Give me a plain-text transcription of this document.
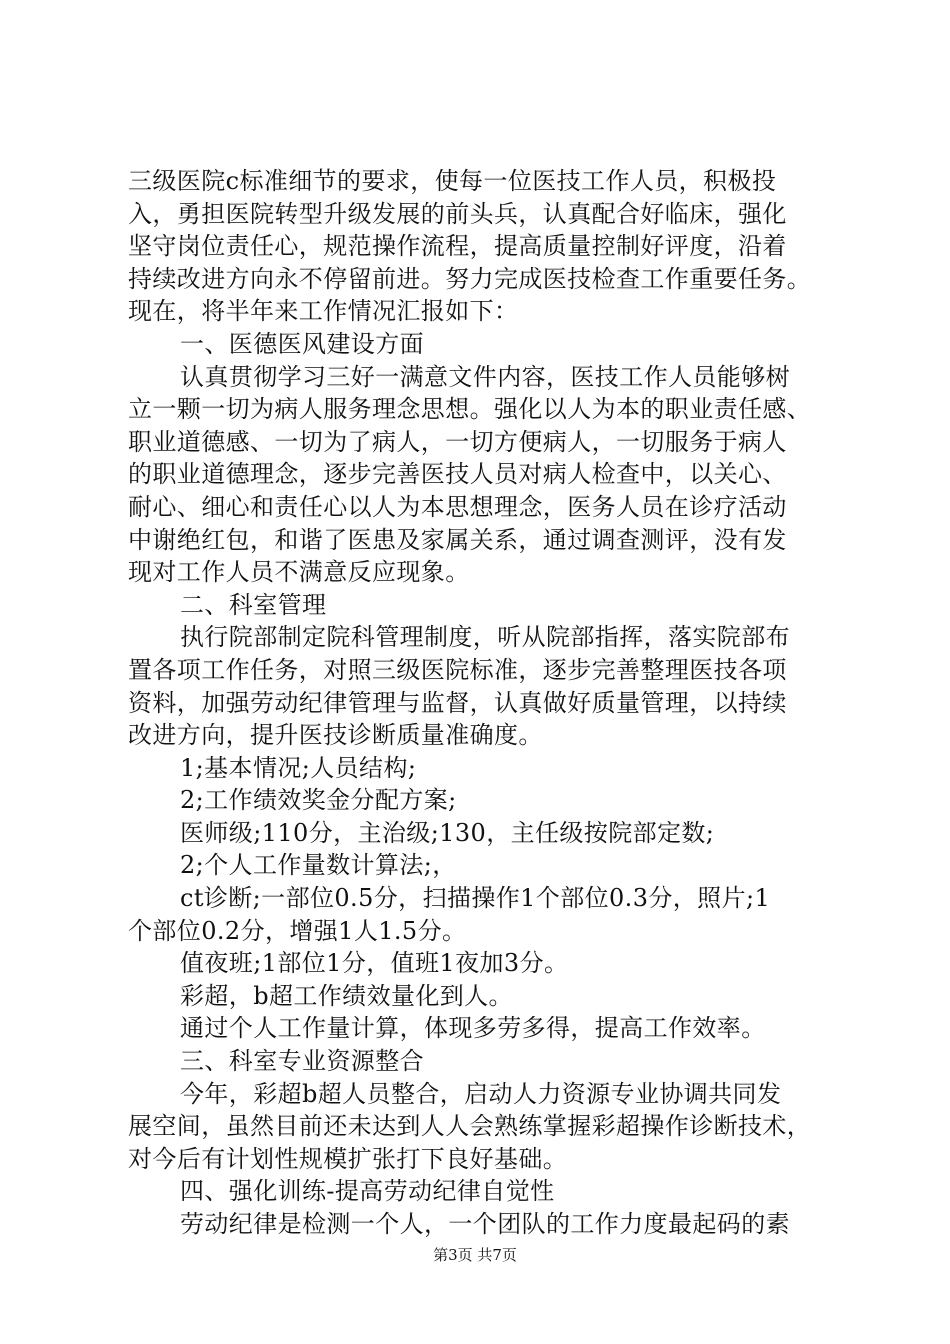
三级医院c标准细节的要求，使每一位医技工作人员，积极投
入，勇担医院转型升级发展的前头兵，认真配合好临床，强化
坚守岗位责任心，规范操作流程，提高质量控制好评度，沿着
持续改进方向永不停留前进。努力完成医技检查工作重要任务。
现在，将半年来工作情况汇报如下：
一、医德医风建设方面
认真贯彻学习三好一满意文件内容，医技工作人员能够树
立一颗一切为病人服务理念思想。强化以人为本的职业责任感、
职业道德感、一切为了病人，一切方便病人，一切服务于病人
的职业道德理念，逐步完善医技人员对病人检查中，以关心、
耐心、细心和责任心以人为本思想理念，医务人员在诊疗活动
中谢绝红包，和谐了医患及家属关系，通过调查测评，没有发
现对工作人员不满意反应现象。
二、科室管理
执行院部制定院科管理制度，听从院部指挥，落实院部布
置各项工作任务，对照三级医院标准，逐步完善整理医技各项
资料，加强劳动纪律管理与监督，认真做好质量管理，以持续
改进方向，提升医技诊断质量准确度。
1;基本情况;人员结构;
2;工作绩效奖金分配方案;
医师级;110分，主治级;130，主任级按院部定数;
2;个人工作量数计算法;，
ct诊断;一部位0.5分，扫描操作1个部位0.3分，照片;1
个部位0.2分，增强1人1.5分。
值夜班;1部位1分，值班1夜加3分。
彩超，b超工作绩效量化到人。
通过个人工作量计算，体现多劳多得，提高工作效率。
三、科室专业资源整合
今年，彩超b超人员整合，启动人力资源专业协调共同发
展空间，虽然目前还未达到人人会熟练掌握彩超操作诊断技术，
对今后有计划性规模扩张打下良好基础。
四、强化训练-提高劳动纪律自觉性
劳动纪律是检测一个人，一个团队的工作力度最起码的素
第3页 共7页
